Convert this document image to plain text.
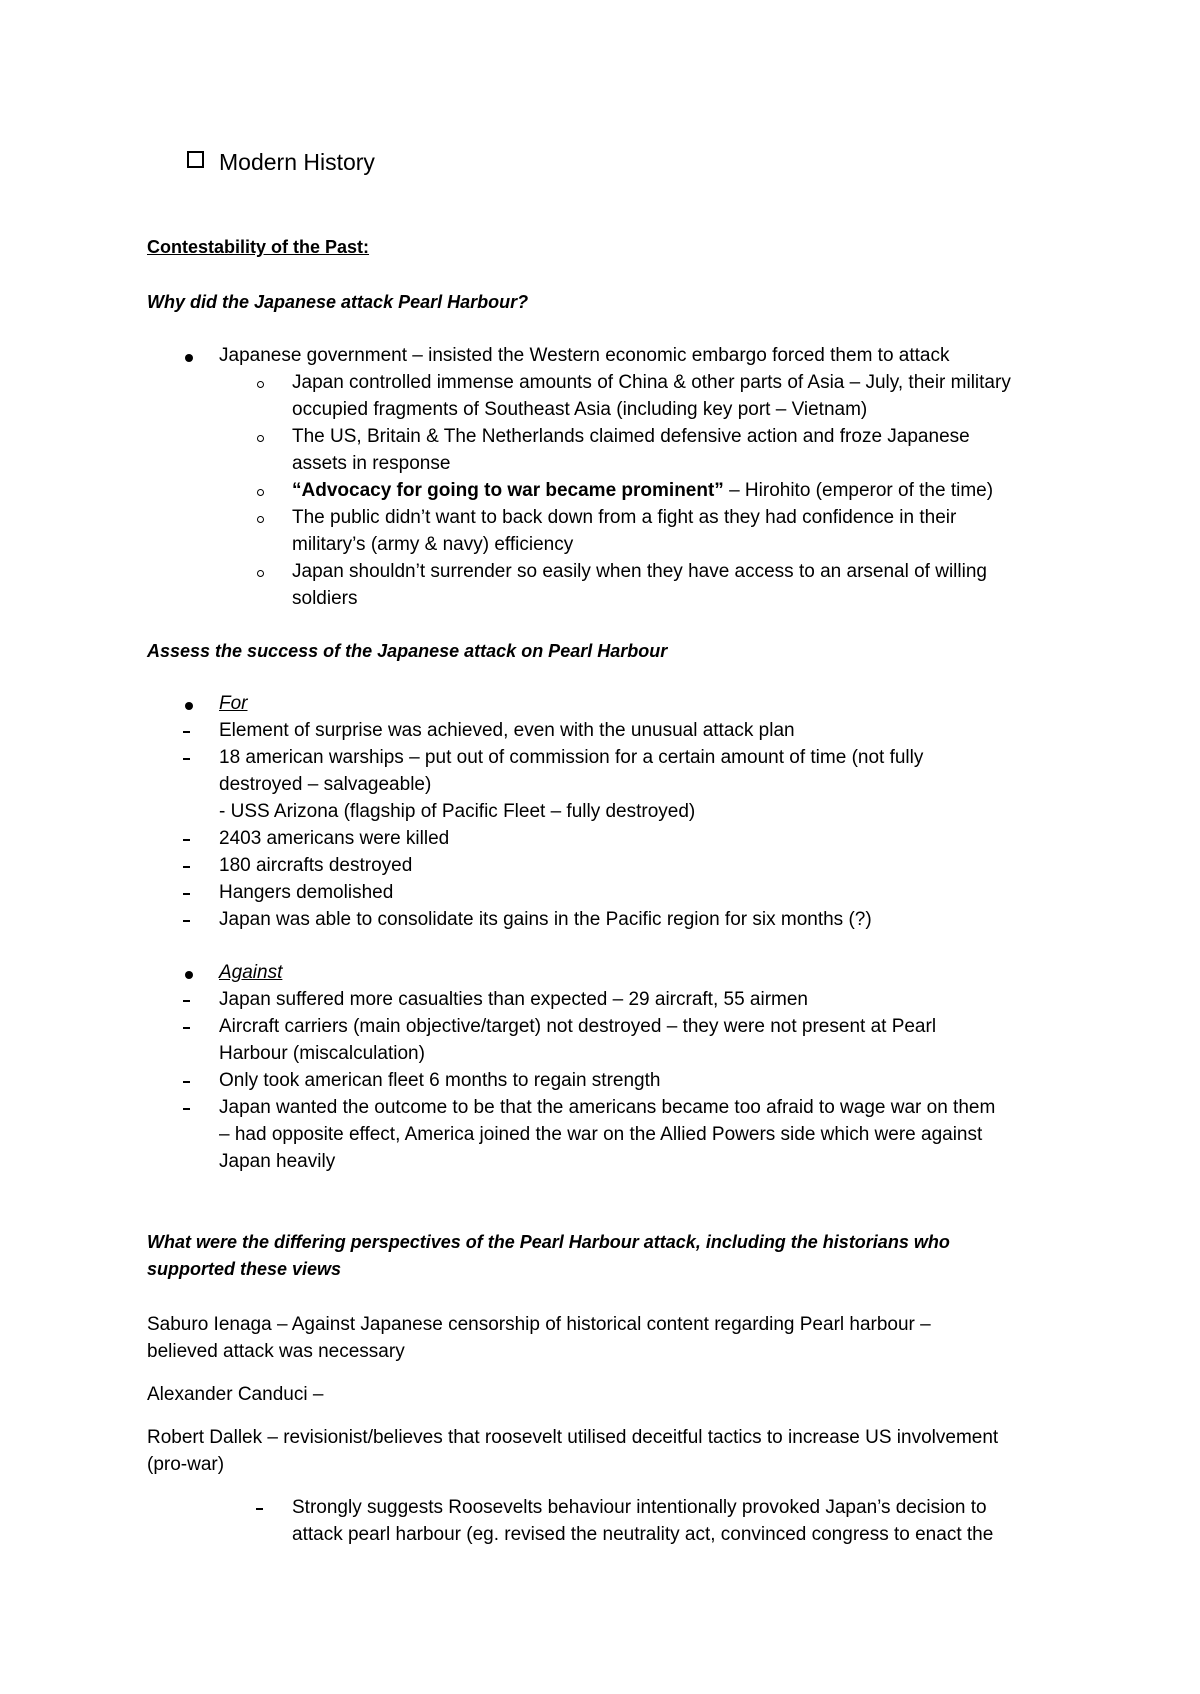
Modern History
Contestability of the Past:
Why did the Japanese attack Pearl Harbour?
Japanese government – insisted the Western economic embargo forced them to attack
Japan controlled immense amounts of China & other parts of Asia – July, their military
occupied fragments of Southeast Asia (including key port – Vietnam)
The US, Britain & The Netherlands claimed defensive action and froze Japanese
assets in response
“Advocacy for going to war became prominent” – Hirohito (emperor of the time)
The public didn’t want to back down from a fight as they had confidence in their
military’s (army & navy) efficiency
Japan shouldn’t surrender so easily when they have access to an arsenal of willing
soldiers
Assess the success of the Japanese attack on Pearl Harbour
For
Element of surprise was achieved, even with the unusual attack plan
18 american warships – put out of commission for a certain amount of time (not fully
destroyed – salvageable)
- USS Arizona (flagship of Pacific Fleet – fully destroyed)
2403 americans were killed
180 aircrafts destroyed
Hangers demolished
Japan was able to consolidate its gains in the Pacific region for six months (?)
Against
Japan suffered more casualties than expected – 29 aircraft, 55 airmen
Aircraft carriers (main objective/target) not destroyed – they were not present at Pearl
Harbour (miscalculation)
Only took american fleet 6 months to regain strength
Japan wanted the outcome to be that the americans became too afraid to wage war on them
– had opposite effect, America joined the war on the Allied Powers side which were against
Japan heavily
What were the differing perspectives of the Pearl Harbour attack, including the historians who
supported these views
Saburo Ienaga – Against Japanese censorship of historical content regarding Pearl harbour –
believed attack was necessary
Alexander Canduci –
Robert Dallek – revisionist/believes that roosevelt utilised deceitful tactics to increase US involvement
(pro-war)
Strongly suggests Roosevelts behaviour intentionally provoked Japan’s decision to
attack pearl harbour (eg. revised the neutrality act, convinced congress to enact the
